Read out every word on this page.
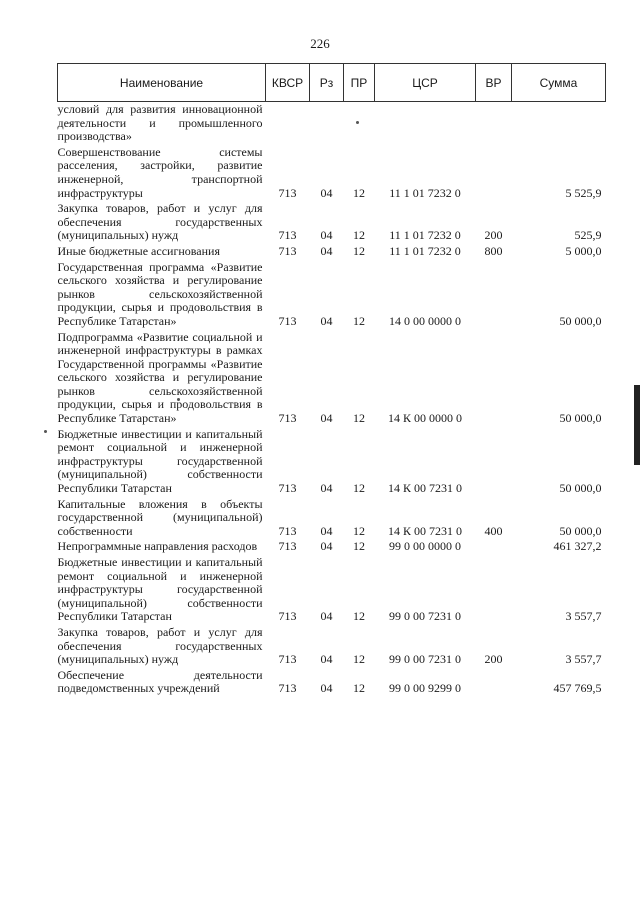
226
Наименование	КВСР	Рз	ПР	ЦСР	ВР	Сумма
условий для развития инновационной деятельности и промышленного производства»						
Совершенствование системы расселения, застройки, развитие инженерной, транспортной инфраструктуры	713	04	12	11 1 01 7232 0		5 525,9
Закупка товаров, работ и услуг для обеспечения государственных (муниципальных) нужд	713	04	12	11 1 01 7232 0	200	525,9
Иные бюджетные ассигнования	713	04	12	11 1 01 7232 0	800	5 000,0
Государственная программа «Развитие сельского хозяйства и регулирование рынков сельскохозяйственной продукции, сырья и продовольствия в Республике Татарстан»	713	04	12	14 0 00 0000 0		50 000,0
Подпрограмма «Развитие социальной и инженерной инфраструктуры в рамках Государственной программы «Развитие сельского хозяйства и регулирование рынков сельскохозяйственной продукции, сырья и продовольствия в Республике Татарстан»	713	04	12	14 К 00 0000 0		50 000,0
Бюджетные инвестиции и капитальный ремонт социальной и инженерной инфраструктуры государственной (муниципальной) собственности Республики Татарстан	713	04	12	14 К 00 7231 0		50 000,0
Капитальные вложения в объекты государственной (муниципальной) собственности	713	04	12	14 К 00 7231 0	400	50 000,0
Непрограммные направления расходов	713	04	12	99 0 00 0000 0		461 327,2
Бюджетные инвестиции и капитальный ремонт социальной и инженерной инфраструктуры государственной (муниципальной) собственности Республики Татарстан	713	04	12	99 0 00 7231 0		3 557,7
Закупка товаров, работ и услуг для обеспечения государственных (муниципальных) нужд	713	04	12	99 0 00 7231 0	200	3 557,7
Обеспечение деятельности подведомственных учреждений	713	04	12	99 0 00 9299 0		457 769,5
